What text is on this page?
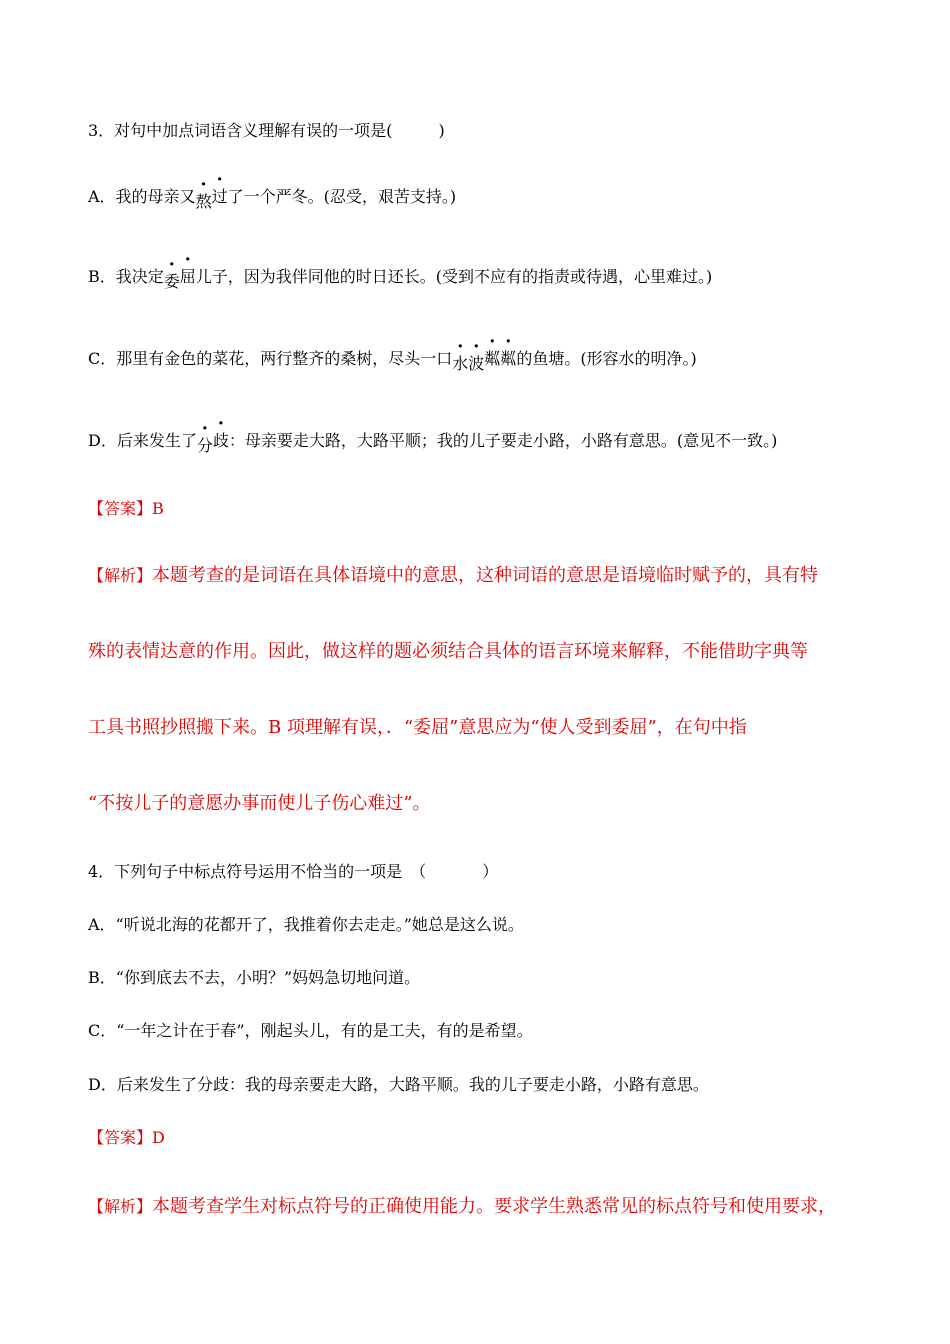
3．对句中加点词语含义理解有误的一项是(	)
A．我的母亲又熬过了一个严冬。(忍受，艰苦支持。)
B．我决定委屈儿子，因为我伴同他的时日还长。(受到不应有的指责或待遇，心里难过。)
C．那里有金色的菜花，两行整齐的桑树，尽头一口水波粼粼的鱼塘。(形容水的明净。)
D．后来发生了分歧：母亲要走大路，大路平顺；我的儿子要走小路，小路有意思。(意见不一致。)
【答案】B
【解析】本题考查的是词语在具体语境中的意思，这种词语的意思是语境临时赋予的，具有特
殊的表情达意的作用。因此，做这样的题必须结合具体的语言环境来解释，不能借助字典等
工具书照抄照搬下来。B 项理解有误，．“委屈”意思应为“使人受到委屈”，在句中指
“不按儿子的意愿办事而使儿子伤心难过”。
4．下列句子中标点符号运用不恰当的一项是　（	）
A．“听说北海的花都开了，我推着你去走走。”她总是这么说。
B．“你到底去不去，小明？”妈妈急切地问道。
C．“一年之计在于春”，刚起头儿，有的是工夫，有的是希望。
D．后来发生了分歧：我的母亲要走大路，大路平顺。我的儿子要走小路，小路有意思。
【答案】D
【解析】本题考查学生对标点符号的正确使用能力。要求学生熟悉常见的标点符号和使用要求，
